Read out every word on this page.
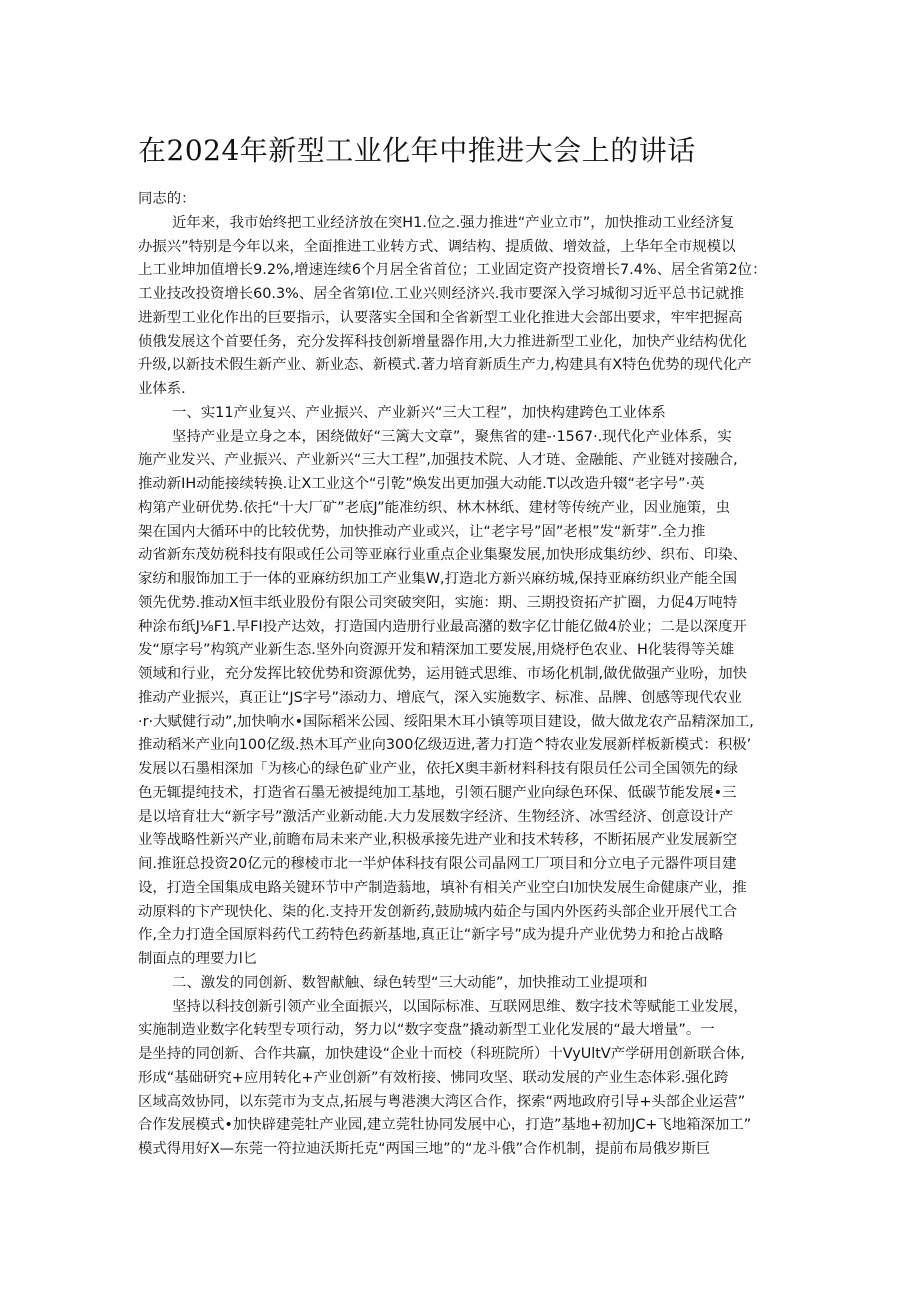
在2024年新型工业化年中推进大会上的讲话
同志的：
近年来，我市始终把工业经济放在突H1.位之.强力推进“产业立市”，加快推动工业经济复
办振兴”特别是今年以来，全面推进工业转方式、调结构、提质做、增效益，上华年全市规模以
上工业坤加值增长9.2%,增速连续6个月居全省首位；工业固定资产投资增长7.4%、居全省第2位：
工业技改投资增长60.3%、居全省第I位.工业兴则经济兴.我市要深入学习城彻习近平总书记就推
进新型工业化作出的巨要指示，认要落实全国和全省新型工业化推进大会部出要求，牢牢把握高
侦俄发展这个首要任务，充分发挥科技创新增量器作用,大力推进新型工业化，加快产业结构优化
升级,以新技术假生新产业、新业态、新模式.著力培育新质生产力,构建具有X特色优势的现代化产
业体系.
一、实11产业复兴、产业振兴、产业新兴“三大工程”，加快构建跨色工业体系
坚持产业是立身之本，困绕做好“三篱大文章”，聚焦省的建-·1567·.现代化产业体系，实
施产业发兴、产业振兴、产业新兴“三大工程”,加强技术院、人才琏、金融能、产业链对接融合,
推动新IH动能接续转换.让X工业这个“引亁”焕发出更加强大动能.T以改造升辍“老字号”·英
构第产业研优势.依托“十大厂矿”老底J”能准纺织、林木林纸、建材等传统产业，因业施策，虫
架在国内大循环中的比较优势，加快推动产业或兴，让“老字号”固”老根”发“新芽”.全力推
动省新东茂妨税科技有限或任公司等亚麻行业重点企业集聚发展,加快形成集纺纱、织布、印染、
家纺和服饰加工于一体的亚麻纺织加工产业集W,打造北方新兴麻纺城,保持亚麻纺织业产能全国
领先优势.推动X恒丰纸业股份有限公司突破突阳，实施：期、三期投资拓产扩圈，力促4万吨特
种涂布纸J⅛F1.早FI投产达效，打造国内造册行业最高潴的数字亿廿能亿做4於业；二是以深度开
发“原字号”构筑产业新生态.坚外向资源开发和精深加工要发展,用烧杼色农业、H化装得等关雄
领域和行业，充分发挥比较优势和资源优势，运用链式思维、市场化机制,做优做强产业吩，加快
推动产业振兴，真正让“JS字号”添动力、增底气，深入实施数字、标准、品牌、创感等现代农业
·r·大赋健行动”,加快响水•国际稻米公园、绥阳果木耳小镇等项目建设，做大做龙农产品精深加工,
推动稻米产业向100亿级.热木耳产业向300亿级迈进,著力打造^特农业发展新样板新模式：积极’
发展以石墨相深加「为核心的绿色矿业产业，依托X奥丰新材料科技有限员任公司全国领先的绿
色无辄提纯技术，打造省石墨无被提纯加工基地，引领石腿产业向绿色环保、低碳节能发展•三
是以培育壮大“新字号”激活产业新动能.大力发展数字经济、生物经济、冰雪经济、创意设计产
业等战略性新兴产业,前瞻布局未来产业,积极承接先进产业和技术转移，不断拓展产业发展新空
间.推诳总投资20亿元的穆棱市北一半炉体科技有限公司晶网工厂项目和分立电子元器件项目建
设，打造全国集成电路关键环节中产制造蓊地，填补有相关产业空白I加快发展生命健康产业，推
动原料的卞产现快化、柒的化.支持开发创新药,鼓励城内茹企与国内外医药头部企业开展代工合
作,全力打造全国原料药代工药特色药新基地,真正让“新字号”成为提升产业优势力和抢占战略
制面点的理要力l匕
二、激发的同创新、数智献触、绿色转型“三大动能”，加快推动工业提项和
坚持以科技创新引领产业全面振兴，以国际标准、互联网思维、数字技术等赋能工业发展，
实施制造业数字化转型专项行动，努力以“数字变盘”撬动新型工业化发展的“最大增量”。一
是坐持的同创新、合作共赢，加快建设“企业十而校（科班院所）十VyUltV产学研用创新联合体,
形成“基础研究+应用转化+产业创新”有效桁接、怫同攻坚、联动发展的产业生态体彩.强化跨
区域高效协同，以东莞市为支点,拓展与粤港澳大湾区合作，探索“两地政府引导+头部企业运营”
合作发展模式•加快辟建莞牡产业园,建立莞牡协同发展中心，打造”基地+初加JC+飞地箱深加工”
模式得用好X—东莞一符拉迪沃斯托克“两国三地”的“龙斗俄”合作机制，提前布局俄岁斯巨
